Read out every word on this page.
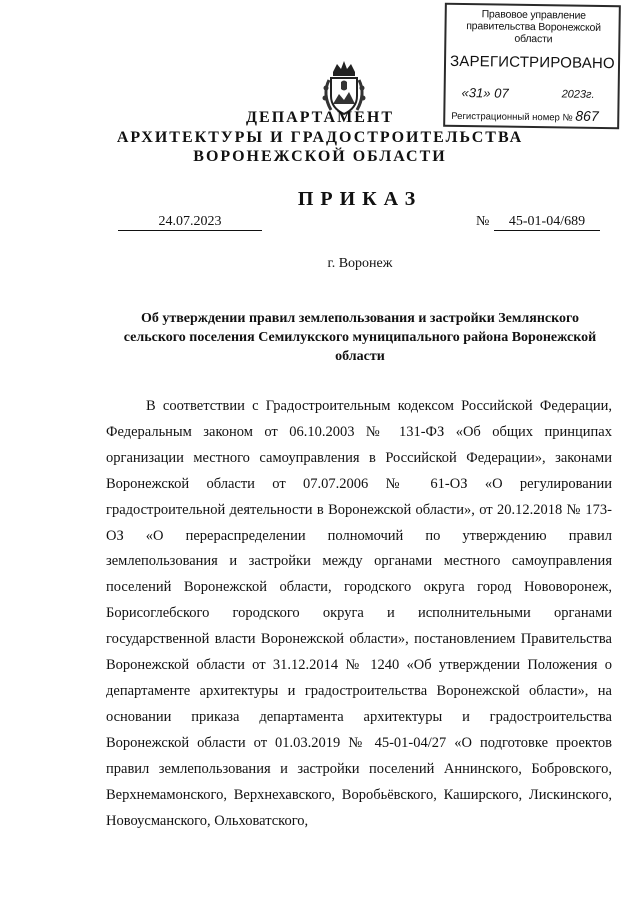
Правовое управление правительства Воронежской области
ЗАРЕГИСТРИРОВАНО
«31» 07	2023г.
Регистрационный номер № 867
ДЕПАРТАМЕНТ
АРХИТЕКТУРЫ И ГРАДОСТРОИТЕЛЬСТВА
ВОРОНЕЖСКОЙ ОБЛАСТИ
ПРИКАЗ
24.07.2023	№	45-01-04/689
г. Воронеж
Об утверждении правил землепользования и застройки Землянского сельского поселения Семилукского муниципального района Воронежской области
В соответствии с Градостроительным кодексом Российской Федерации, Федеральным законом от 06.10.2003 № 131-ФЗ «Об общих принципах организации местного самоуправления в Российской Федерации», законами Воронежской области от 07.07.2006 № 61-ОЗ «О регулировании градостроительной деятельности в Воронежской области», от 20.12.2018 № 173-ОЗ «О перераспределении полномочий по утверждению правил землепользования и застройки между органами местного самоуправления поселений Воронежской области, городского округа город Нововоронеж, Борисоглебского городского округа и исполнительными органами государственной власти Воронежской области», постановлением Правительства Воронежской области от 31.12.2014 № 1240 «Об утверждении Положения о департаменте архитектуры и градостроительства Воронежской области», на основании приказа департамента архитектуры и градостроительства Воронежской области от 01.03.2019 № 45-01-04/27 «О подготовке проектов правил землепользования и застройки поселений Аннинского, Бобровского, Верхнемамонского, Верхнехавского, Воробьёвского, Каширского, Лискинского, Новоусманского, Ольховатского,
